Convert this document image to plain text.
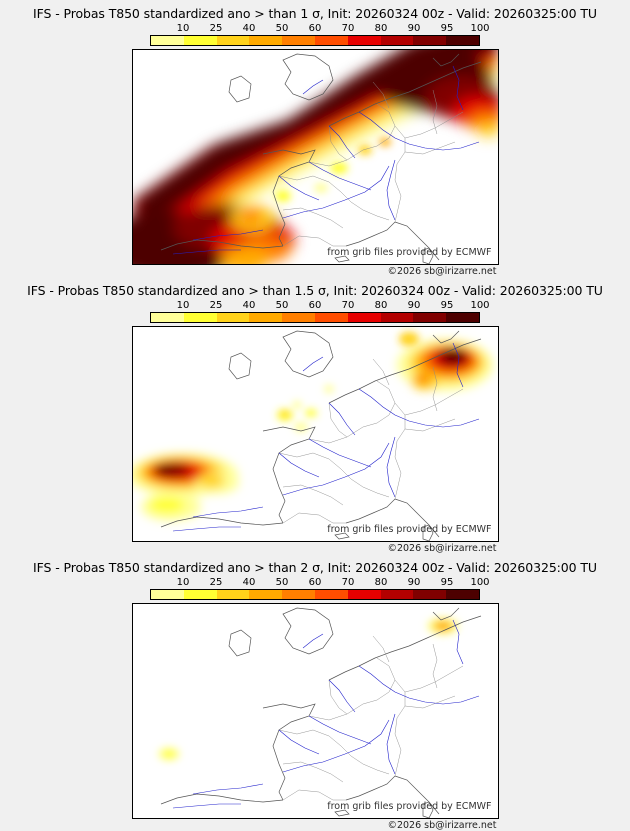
IFS - Probas T850 standardized ano > than 1 σ, Init: 20260324 00z - Valid: 20260325:00 TU
10	25	40	50	60	70	80	90	95	100
from grib files provided by ECMWF
©2026 sb@irizarre.net
IFS - Probas T850 standardized ano > than 1.5 σ, Init: 20260324 00z - Valid: 20260325:00 TU
10	25	40	50	60	70	80	90	95	100
from grib files provided by ECMWF
©2026 sb@irizarre.net
IFS - Probas T850 standardized ano > than 2 σ, Init: 20260324 00z - Valid: 20260325:00 TU
10	25	40	50	60	70	80	90	95	100
from grib files provided by ECMWF
©2026 sb@irizarre.net
